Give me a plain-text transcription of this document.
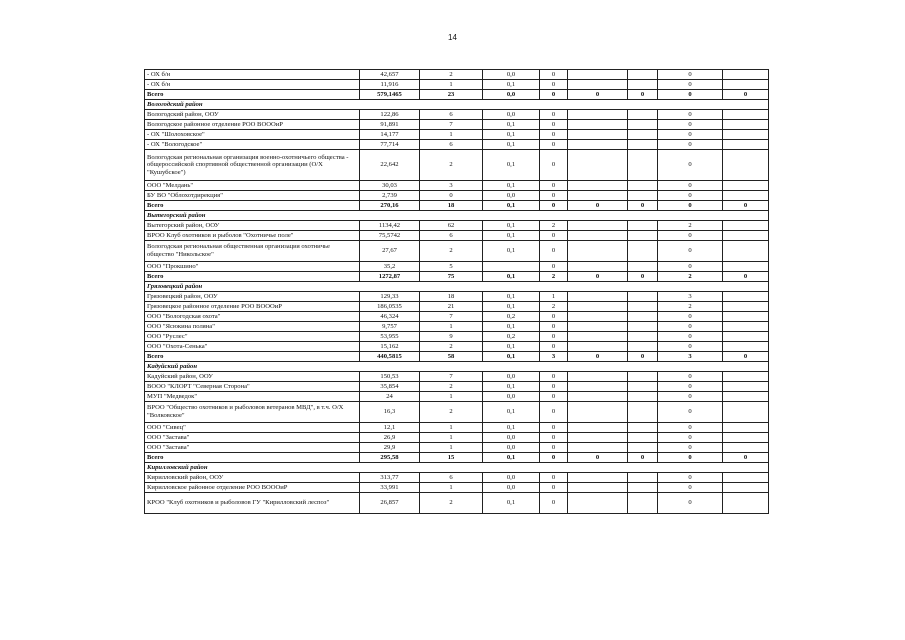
14
- ОХ б/н	42,657	2	0,0	0			0	
- ОХ б/н	11,916	1	0,1	0			0	
Всего	579,1465	23	0,0	0	0	0	0	0
Вологодский район								
Вологодский район, ООУ	122,86	6	0,0	0			0	
Вологодское районное отделение РОО ВОООиР	91,891	7	0,1	0			0	
- ОХ "Шолоховское"	14,177	1	0,1	0			0	
- ОХ "Вологодское"	77,714	6	0,1	0			0	
Вологодская региональная организация военно-охотничьего общества - общероссийской спортивной общественной организации (О/Х "Кушубское")	22,642	2	0,1	0			0	
ООО "Мелдань"	30,03	3	0,1	0			0	
БУ ВО "Облохотдирекция"	2,739	0	0,0	0			0	
Всего	270,16	18	0,1	0	0	0	0	0
Вытегорский район								
Вытегорский район, ООУ	1134,42	62	0,1	2			2	
ВРОО Клуб охотников и рыболов "Охотничье поле"	75,5742	6	0,1	0			0	
Вологодская региональная общественная организация охотничье общество "Никольское"	27,67	2	0,1	0			0	
ООО "Прокшино"	35,2	5		0			0	
Всего	1272,87	75	0,1	2	0	0	2	0
Грязовецкий район								
Грязовецкий район, ООУ	129,33	18	0,1	1			3	
Грязовецкое районное отделение РОО ВОООиР	186,0535	21	0,1	2			2	
ООО "Вологодская охота"	46,324	7	0,2	0			0	
ООО "Ясюкина поляна"	9,757	1	0,1	0			0	
ООО "Руслес"	53,955	9	0,2	0			0	
ООО "Охота-Сенька"	15,162	2	0,1	0			0	
Всего	440,5815	58	0,1	3	0	0	3	0
Кадуйский район								
Кадуйский район, ООУ	150,53	7	0,0	0			0	
ВООО "КЛОРТ "Северная Сторона"	35,854	2	0,1	0			0	
МУП "Медведок"	24	1	0,0	0			0	
ВРОО "Общество охотников и рыболовов ветеранов МВД", в т.ч. О/Х "Волковское"	16,3	2	0,1	0			0	
ООО "Сивец"	12,1	1	0,1	0			0	
ООО "Застава"	26,9	1	0,0	0			0	
ООО "Застава"	29,9	1	0,0	0			0	
Всего	295,58	15	0,1	0	0	0	0	0
Кирилловский район								
Кирилловский район, ООУ	313,77	6	0,0	0			0	
Кирилловское районное отделение РОО ВОООиР	33,991	1	0,0	0			0	
КРОО "Клуб охотников и рыболовов ГУ "Кирилловский леспоз"	26,857	2	0,1	0			0	
